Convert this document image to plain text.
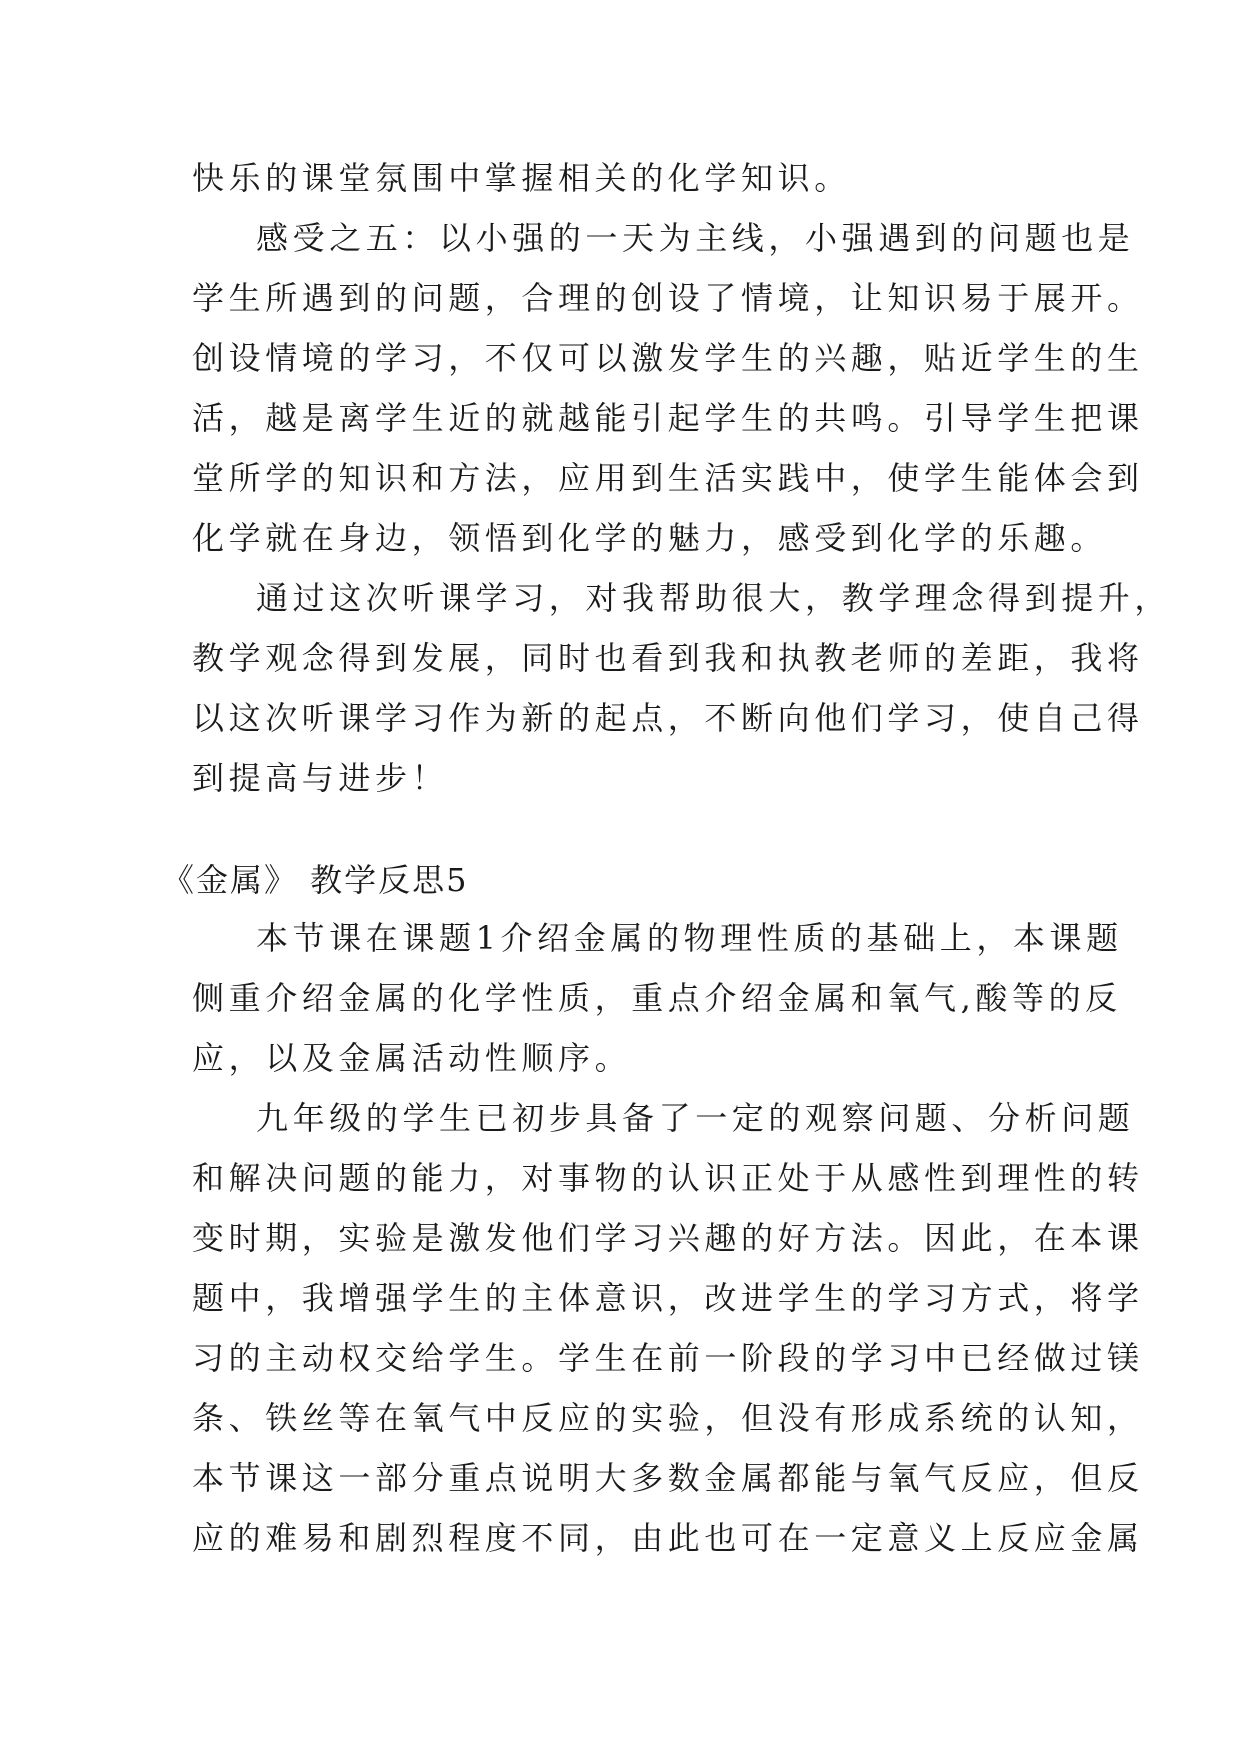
快乐的课堂氛围中掌握相关的化学知识。
感受之五：以小强的一天为主线，小强遇到的问题也是
学生所遇到的问题，合理的创设了情境，让知识易于展开。
创设情境的学习，不仅可以激发学生的兴趣，贴近学生的生
活，越是离学生近的就越能引起学生的共鸣。引导学生把课
堂所学的知识和方法，应用到生活实践中，使学生能体会到
化学就在身边，领悟到化学的魅力，感受到化学的乐趣。
通过这次听课学习，对我帮助很大，教学理念得到提升，
教学观念得到发展，同时也看到我和执教老师的差距，我将
以这次听课学习作为新的起点，不断向他们学习，使自己得
到提高与进步！
《金属》 教学反思5
本节课在课题1介绍金属的物理性质的基础上，本课题
侧重介绍金属的化学性质，重点介绍金属和氧气,酸等的反
应，以及金属活动性顺序。
九年级的学生已初步具备了一定的观察问题、分析问题
和解决问题的能力，对事物的认识正处于从感性到理性的转
变时期，实验是激发他们学习兴趣的好方法。因此，在本课
题中，我增强学生的主体意识，改进学生的学习方式，将学
习的主动权交给学生。学生在前一阶段的学习中已经做过镁
条、铁丝等在氧气中反应的实验，但没有形成系统的认知，
本节课这一部分重点说明大多数金属都能与氧气反应，但反
应的难易和剧烈程度不同，由此也可在一定意义上反应金属
